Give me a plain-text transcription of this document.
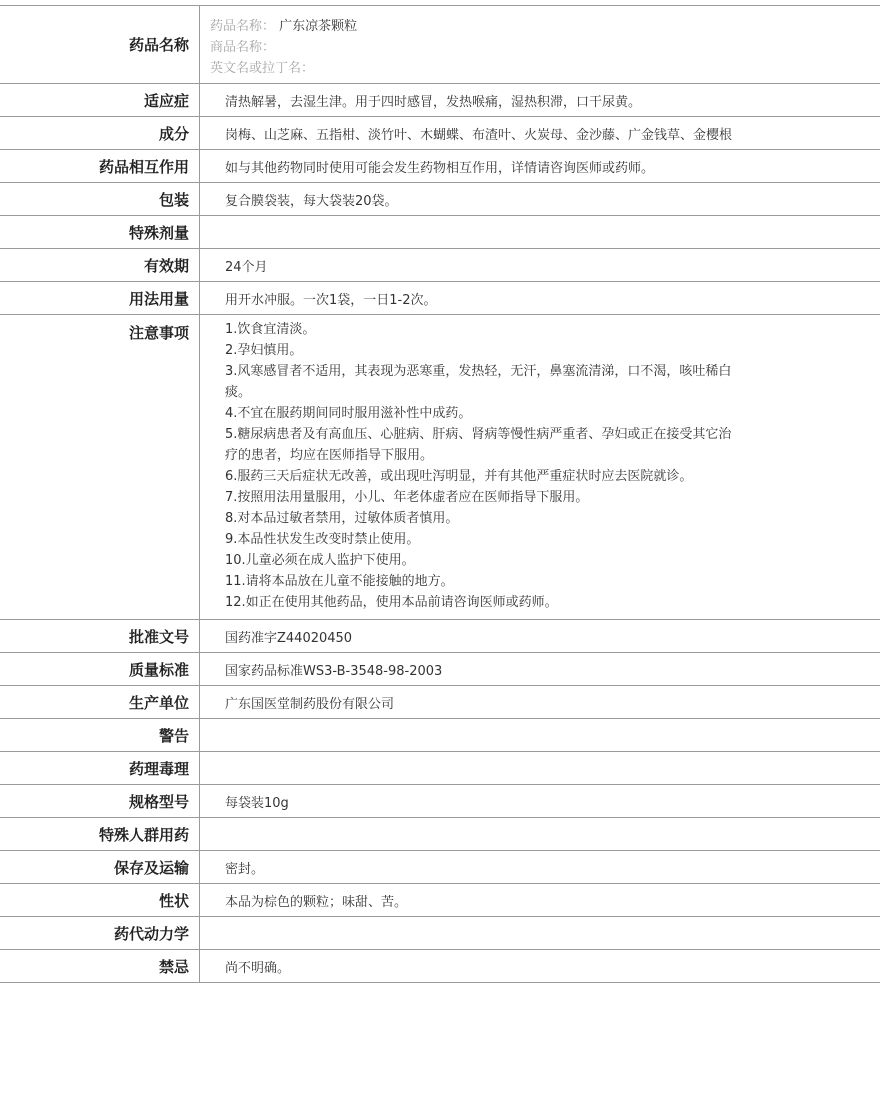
药品名称
药品名称： 广东凉茶颗粒
商品名称：
英文名或拉丁名：
适应症	清热解暑，去湿生津。用于四时感冒，发热喉痛，湿热积滞，口干尿黄。
成分	岗梅、山芝麻、五指柑、淡竹叶、木蝴蝶、布渣叶、火炭母、金沙藤、广金钱草、金樱根
药品相互作用	如与其他药物同时使用可能会发生药物相互作用，详情请咨询医师或药师。
包装	复合膜袋装，每大袋装20袋。
特殊剂量
有效期	24个月
用法用量	用开水冲服。一次1袋，一日1-2次。
注意事项	1.饮食宜清淡。
2.孕妇慎用。
3.风寒感冒者不适用，其表现为恶寒重，发热轻，无汗，鼻塞流清涕，口不渴，咳吐稀白
痰。
4.不宜在服药期间同时服用滋补性中成药。
5.糖尿病患者及有高血压、心脏病、肝病、肾病等慢性病严重者、孕妇或正在接受其它治
疗的患者，均应在医师指导下服用。
6.服药三天后症状无改善，或出现吐泻明显，并有其他严重症状时应去医院就诊。
7.按照用法用量服用，小儿、年老体虚者应在医师指导下服用。
8.对本品过敏者禁用，过敏体质者慎用。
9.本品性状发生改变时禁止使用。
10.儿童必须在成人监护下使用。
11.请将本品放在儿童不能接触的地方。
12.如正在使用其他药品，使用本品前请咨询医师或药师。
批准文号	国药准字Z44020450
质量标准	国家药品标准WS3-B-3548-98-2003
生产单位	广东国医堂制药股份有限公司
警告
药理毒理
规格型号	每袋装10g
特殊人群用药
保存及运输	密封。
性状	本品为棕色的颗粒；味甜、苦。
药代动力学
禁忌	尚不明确。
